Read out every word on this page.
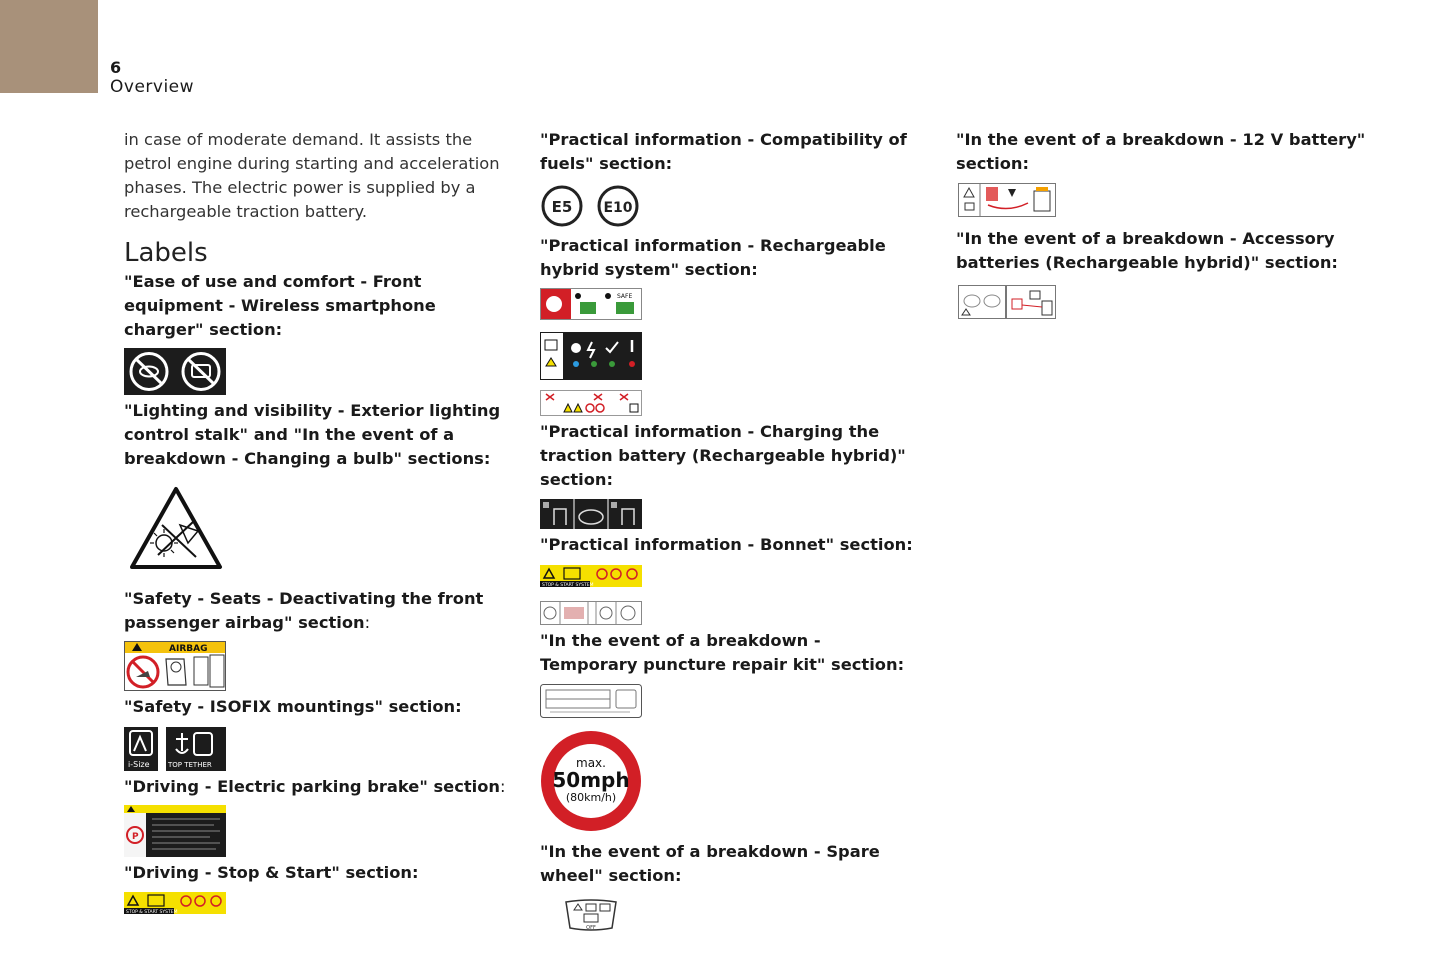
6
Overview

in case of moderate demand. It assists the petrol engine during starting and acceleration phases. The electric power is supplied by a rechargeable traction battery.

Labels

"Ease of use and comfort - Front equipment - Wireless smartphone charger" section:

"Lighting and visibility - Exterior lighting control stalk" and "In the event of a breakdown - Changing a bulb" sections:

"Safety - Seats - Deactivating the front passenger airbag" section:

AIRBAG

"Safety - ISOFIX mountings" section:

i-Size	TOP TETHER

"Driving - Electric parking brake" section:

P

"Driving - Stop & Start" section:

STOP & START SYSTEM

"Practical information - Compatibility of fuels" section:

E5 E10

"Practical information - Rechargeable hybrid system" section:

SAFE

"Practical information - Charging the traction battery (Rechargeable hybrid)" section:

"Practical information - Bonnet" section:

STOP & START SYSTEM

"In the event of a breakdown - Temporary puncture repair kit" section:

max.
50mph
(80km/h)

"In the event of a breakdown - Spare wheel" section:

OFF

"In the event of a breakdown - 12 V battery" section:

"In the event of a breakdown - Accessory batteries (Rechargeable hybrid)" section:
